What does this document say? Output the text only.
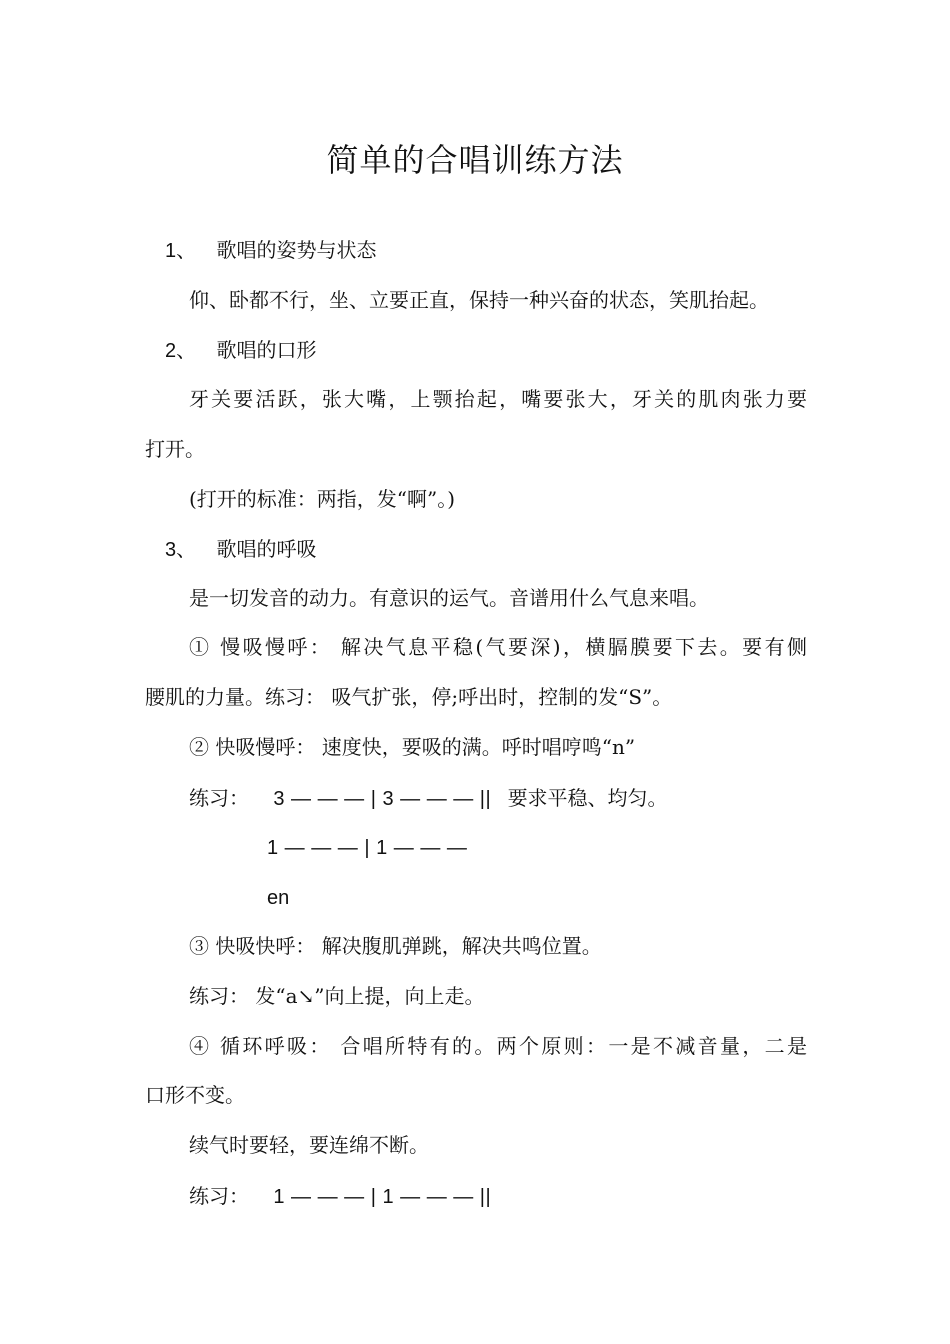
简单的合唱训练方法
1、 歌唱的姿势与状态
仰、卧都不行，坐、立要正直，保持一种兴奋的状态，笑肌抬起。
2、 歌唱的口形
牙关要活跃，张大嘴，上颚抬起，嘴要张大，牙关的肌肉张力要
打开。
(打开的标准：两指，发“啊”。)
3、 歌唱的呼吸
是一切发音的动力。有意识的运气。音谱用什么气息来唱。
① 慢吸慢呼： 解决气息平稳(气要深)，横膈膜要下去。要有侧
腰肌的力量。练习： 吸气扩张，停;呼出时，控制的发“S”。
② 快吸慢呼： 速度快，要吸的满。呼时唱哼鸣“n”
练习： 3 — — — | 3 — — — || 要求平稳、均匀。
1 — — — | 1 — — —
en
③ 快吸快呼： 解决腹肌弹跳，解决共鸣位置。
练习： 发“a↘”向上提，向上走。
④ 循环呼吸： 合唱所特有的。两个原则：一是不减音量，二是
口形不变。
续气时要轻，要连绵不断。
练习： 1 — — — | 1 — — — ||
